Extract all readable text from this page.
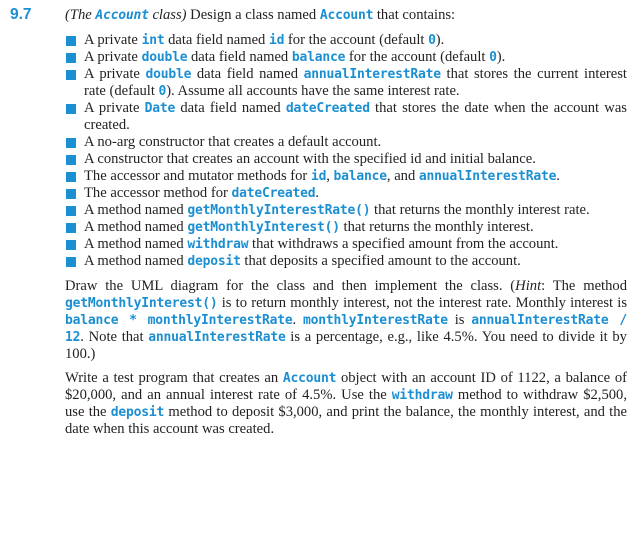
9.7 (The Account class) Design a class named Account that contains:

A private int data field named id for the account (default 0).
A private double data field named balance for the account (default 0).
A private double data field named annualInterestRate that stores the current interest rate (default 0). Assume all accounts have the same interest rate.
A private Date data field named dateCreated that stores the date when the account was created.
A no-arg constructor that creates a default account.
A constructor that creates an account with the specified id and initial balance.
The accessor and mutator methods for id, balance, and annualInterestRate.
The accessor method for dateCreated.
A method named getMonthlyInterestRate() that returns the monthly interest rate.
A method named getMonthlyInterest() that returns the monthly interest.
A method named withdraw that withdraws a specified amount from the account.
A method named deposit that deposits a specified amount to the account.

Draw the UML diagram for the class and then implement the class. (Hint: The method getMonthlyInterest() is to return monthly interest, not the interest rate. Monthly interest is balance * monthlyInterestRate. monthlyInterestRate is annualInterestRate / 12. Note that annualInterestRate is a percentage, e.g., like 4.5%. You need to divide it by 100.)

Write a test program that creates an Account object with an account ID of 1122, a balance of $20,000, and an annual interest rate of 4.5%. Use the withdraw method to withdraw $2,500, use the deposit method to deposit $3,000, and print the balance, the monthly interest, and the date when this account was created.
